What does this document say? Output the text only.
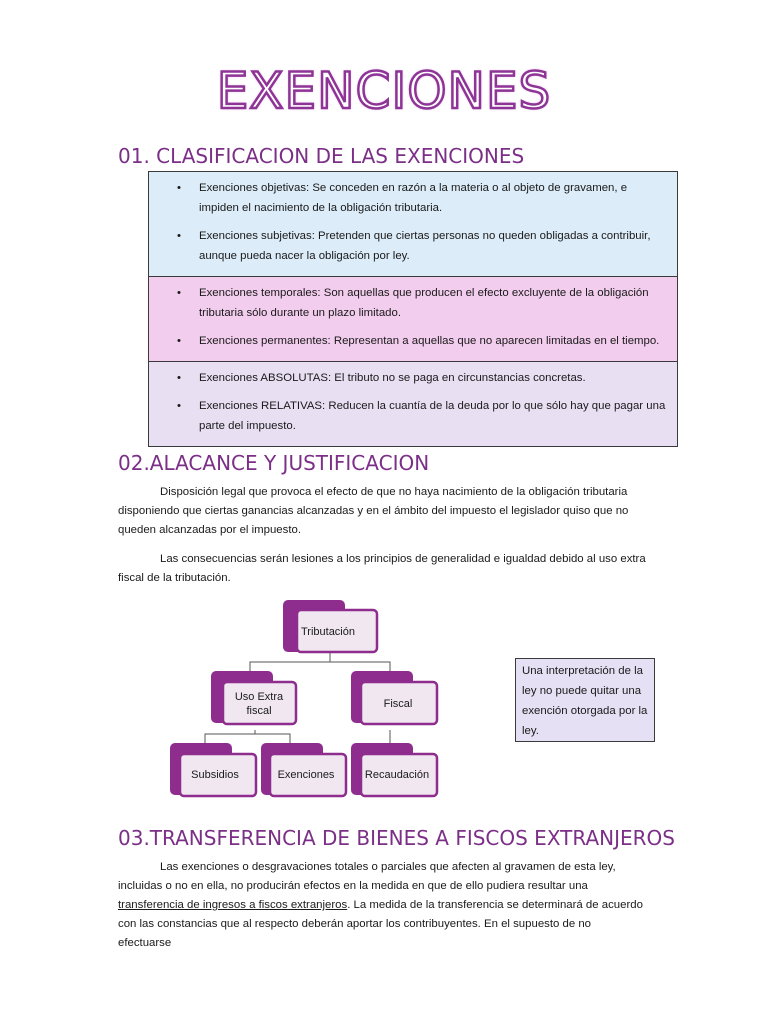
EXENCIONES
01. CLASIFICACION DE LAS EXENCIONES

• Exenciones objetivas: Se conceden en razón a la materia o al objeto de gravamen, e impiden el nacimiento de la obligación tributaria.

• Exenciones subjetivas: Pretenden que ciertas personas no queden obligadas a contribuir, aunque pueda nacer la obligación por ley.

• Exenciones temporales: Son aquellas que producen el efecto excluyente de la obligación tributaria sólo durante un plazo limitado.

• Exenciones permanentes: Representan a aquellas que no aparecen limitadas en el tiempo.

• Exenciones ABSOLUTAS: El tributo no se paga en circunstancias concretas.

• Exenciones RELATIVAS: Reducen la cuantía de la deuda por lo que sólo hay que pagar una parte del impuesto.

02.ALACANCE Y JUSTIFICACION

Disposición legal que provoca el efecto de que no haya nacimiento de la obligación tributaria disponiendo que ciertas ganancias alcanzadas y en el ámbito del impuesto el legislador quiso que no queden alcanzadas por el impuesto.

Las consecuencias serán lesiones a los principios de generalidad e igualdad debido al uso extra fiscal de la tributación.

Tributación
Uso Extra
fiscal
Fiscal
Subsidios	Exenciones	Recaudación
Una interpretación de la ley no puede quitar una exención otorgada por la ley.
03.TRANSFERENCIA DE BIENES A FISCOS EXTRANJEROS

Las exenciones o desgravaciones totales o parciales que afecten al gravamen de esta ley, incluidas o no en ella, no producirán efectos en la medida en que de ello pudiera resultar una transferencia de ingresos a fiscos extranjeros. La medida de la transferencia se determinará de acuerdo con las constancias que al respecto deberán aportar los contribuyentes. En el supuesto de no efectuarse
